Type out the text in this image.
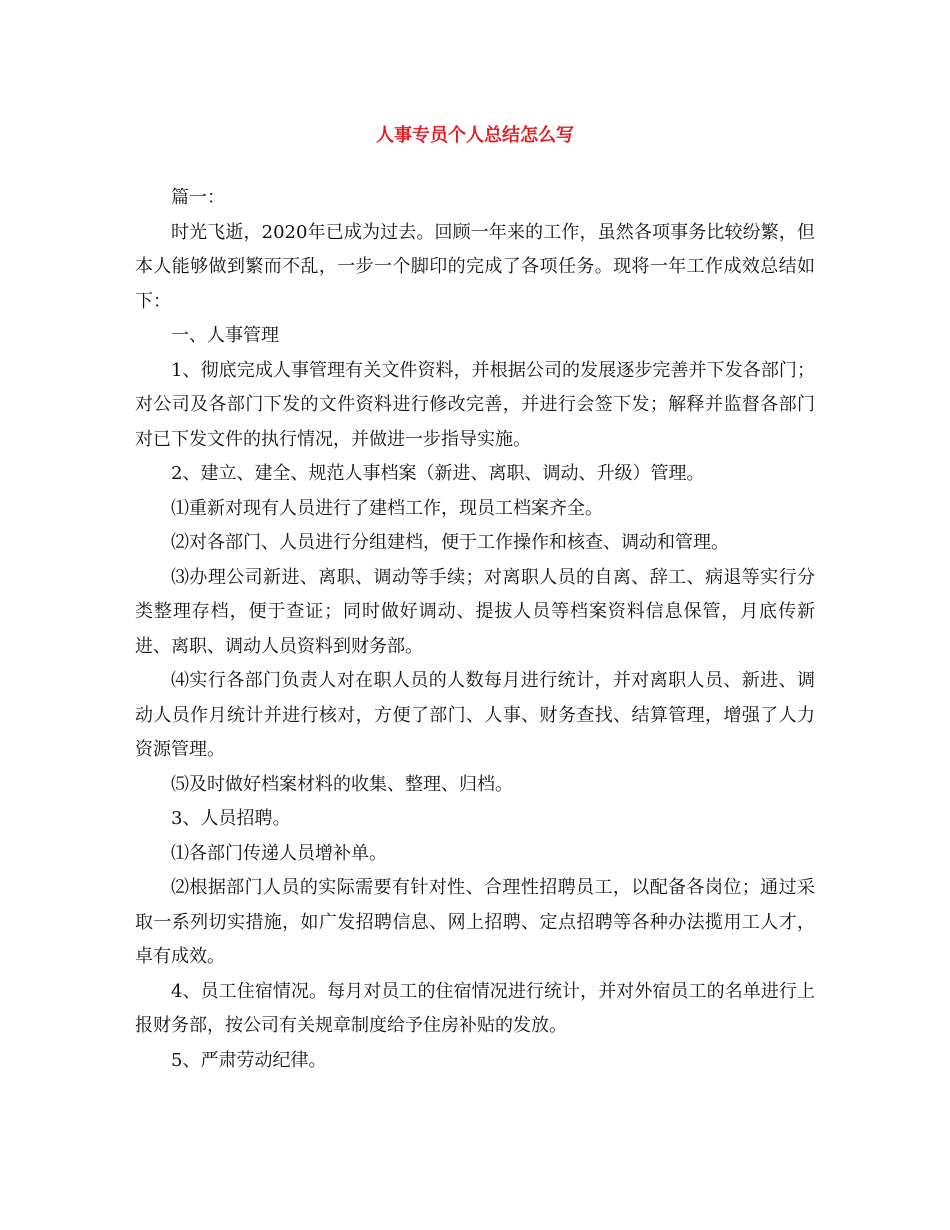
人事专员个人总结怎么写

篇一：

时光飞逝，2020年已成为过去。回顾一年来的工作，虽然各项事务比较纷繁，但本人能够做到繁而不乱，一步一个脚印的完成了各项任务。现将一年工作成效总结如下：

一、人事管理

1、彻底完成人事管理有关文件资料，并根据公司的发展逐步完善并下发各部门；对公司及各部门下发的文件资料进行修改完善，并进行会签下发；解释并监督各部门对已下发文件的执行情况，并做进一步指导实施。

2、建立、建全、规范人事档案（新进、离职、调动、升级）管理。

⑴重新对现有人员进行了建档工作，现员工档案齐全。

⑵对各部门、人员进行分组建档，便于工作操作和核查、调动和管理。

⑶办理公司新进、离职、调动等手续；对离职人员的自离、辞工、病退等实行分类整理存档，便于查证；同时做好调动、提拔人员等档案资料信息保管，月底传新进、离职、调动人员资料到财务部。

⑷实行各部门负责人对在职人员的人数每月进行统计，并对离职人员、新进、调动人员作月统计并进行核对，方便了部门、人事、财务查找、结算管理，增强了人力资源管理。

⑸及时做好档案材料的收集、整理、归档。

3、人员招聘。

⑴各部门传递人员增补单。

⑵根据部门人员的实际需要有针对性、合理性招聘员工，以配备各岗位；通过采取一系列切实措施，如广发招聘信息、网上招聘、定点招聘等各种办法揽用工人才，卓有成效。

4、员工住宿情况。每月对员工的住宿情况进行统计，并对外宿员工的名单进行上报财务部，按公司有关规章制度给予住房补贴的发放。

5、严肃劳动纪律。
